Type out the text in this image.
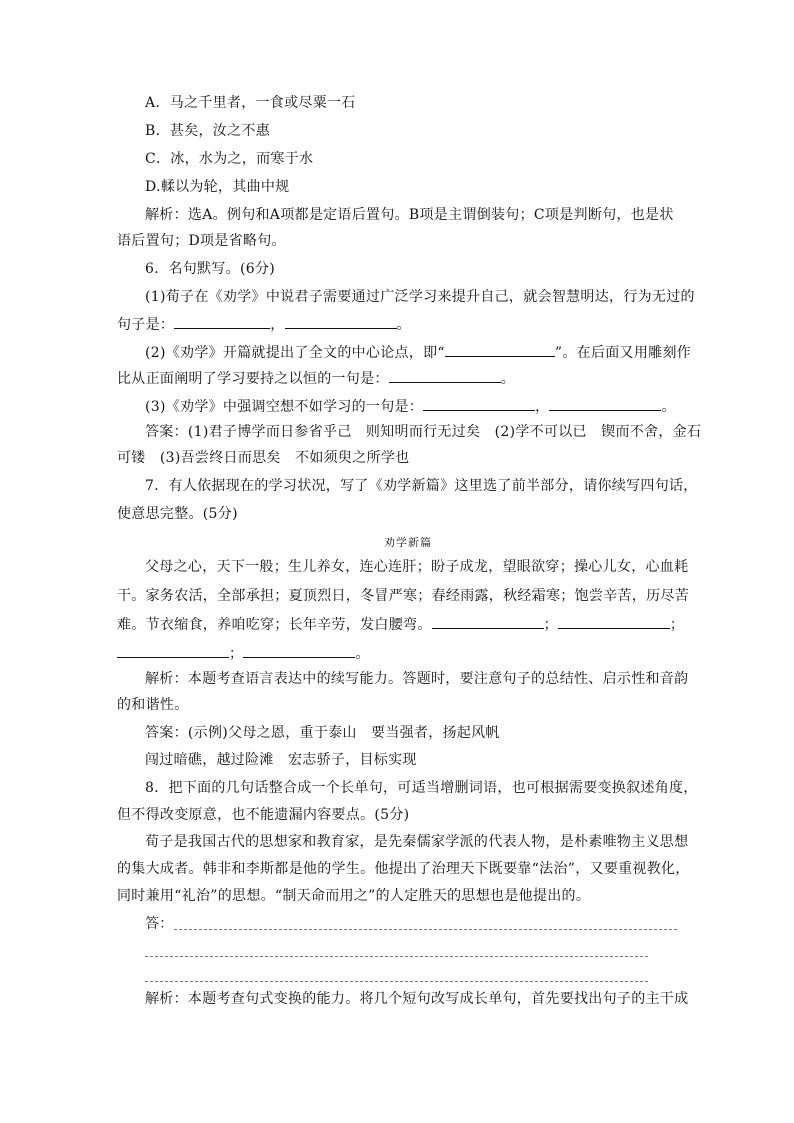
A．马之千里者，一食或尽粟一石
B．甚矣，汝之不惠
C．冰，水为之，而寒于水
D.輮以为轮，其曲中规
解析：选A。例句和A项都是定语后置句。B项是主谓倒装句；C项是判断句，也是状
语后置句；D项是省略句。
6．名句默写。(6分)
(1)荀子在《劝学》中说君子需要通过广泛学习来提升自己，就会智慧明达，行为无过的
句子是：	，	。
(2)《劝学》开篇就提出了全文的中心论点，即“	”。在后面又用雕刻作
比从正面阐明了学习要持之以恒的一句是：	。
(3)《劝学》中强调空想不如学习的一句是：	，	。
答案：(1)君子博学而日参省乎己　则知明而行无过矣　(2)学不可以已　锲而不舍，金石
可镂　(3)吾尝终日而思矣　不如须臾之所学也
7．有人依据现在的学习状况，写了《劝学新篇》这里选了前半部分，请你续写四句话，
使意思完整。(5分)
劝学新篇
父母之心，天下一般；生儿养女，连心连肝；盼子成龙，望眼欲穿；操心儿女，心血耗
干。家务农活，全部承担；夏顶烈日，冬冒严寒；春经雨露，秋经霜寒；饱尝辛苦，历尽苦
难。节衣缩食，养咱吃穿；长年辛劳，发白腰弯。	；	；
；	。
解析：本题考查语言表达中的续写能力。答题时，要注意句子的总结性、启示性和音韵
的和谐性。
答案：(示例)父母之恩，重于泰山　要当强者，扬起风帆
闯过暗礁，越过险滩　宏志骄子，目标实现
8．把下面的几句话整合成一个长单句，可适当增删词语，也可根据需要变换叙述角度，
但不得改变原意，也不能遗漏内容要点。(5分)
荀子是我国古代的思想家和教育家，是先秦儒家学派的代表人物，是朴素唯物主义思想
的集大成者。韩非和李斯都是他的学生。他提出了治理天下既要靠“法治”，又要重视教化，
同时兼用“礼治”的思想。“制天命而用之”的人定胜天的思想也是他提出的。
答：
解析：本题考查句式变换的能力。将几个短句改写成长单句，首先要找出句子的主干成
